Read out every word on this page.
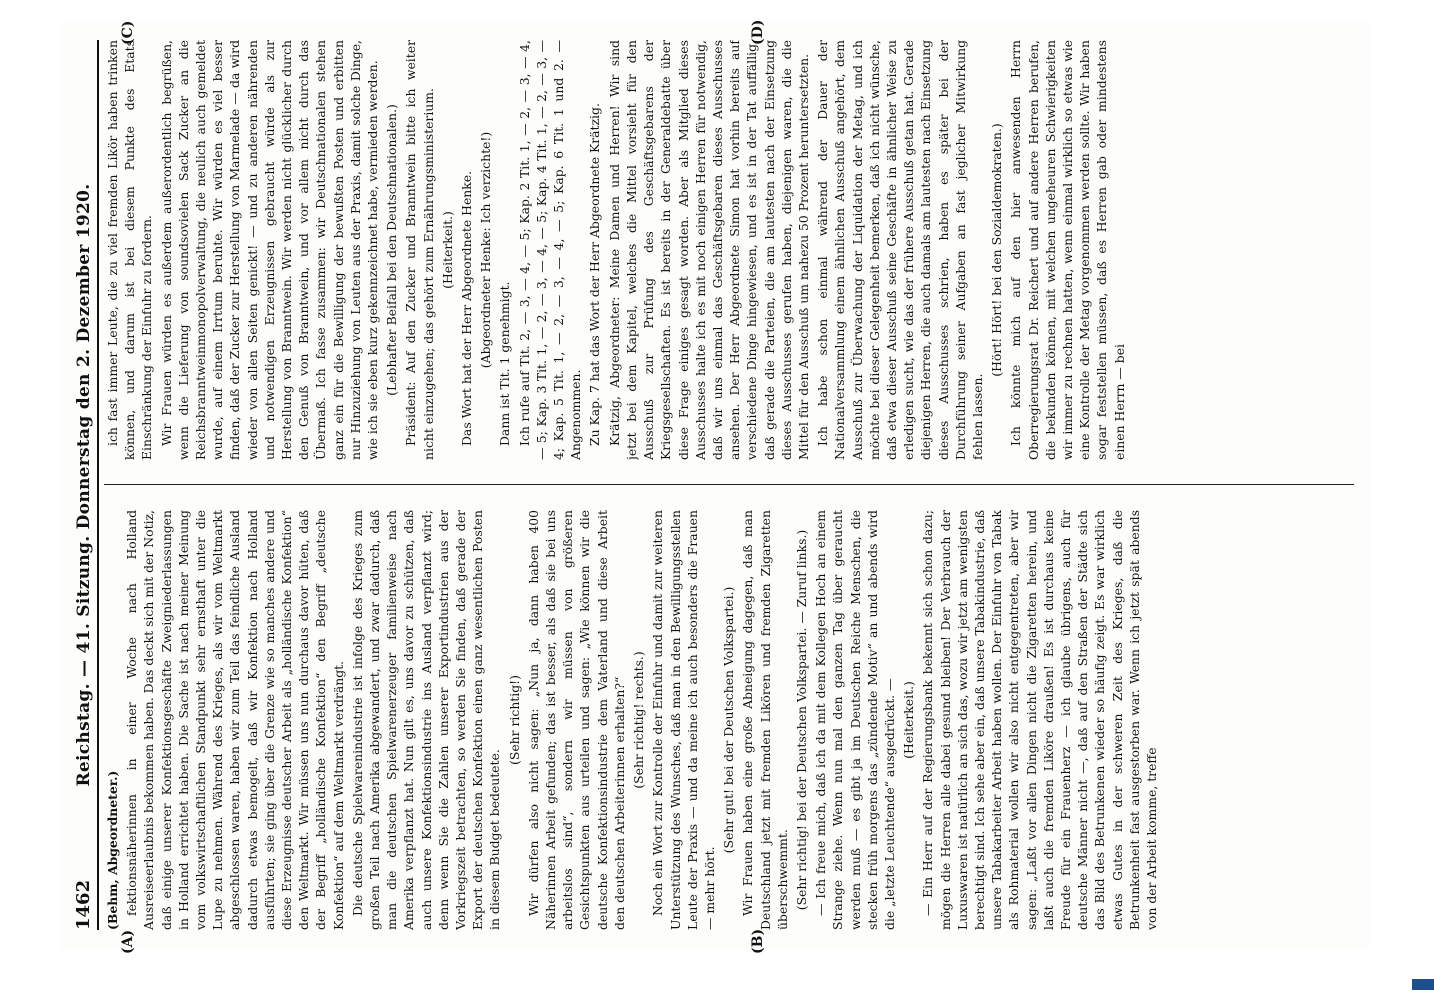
1462
Reichstag. — 41. Sitzung. Donnerstag den 2. Dezember 1920.
(A)	(B)
(C)	(D)

(Behm, Abgeordneter.) fektionsnäherinnen in einer Woche nach Holland Ausreiseerlaubnis bekommen haben. Das deckt sich mit der Notiz, daß einige unserer Konfektionsgeschäfte Zweigniederlassungen in Holland errichtet haben. Die Sache ist nach meiner Meinung vom volkswirtschaftlichen Standpunkt sehr ernsthaft unter die Lupe zu nehmen. Während des Krieges, als wir vom Weltmarkt abgeschlossen waren, haben wir zum Teil das feindliche Ausland dadurch etwas bemogelt, daß wir Konfektion nach Holland ausführten; sie ging über die Grenze wie so manches andere und diese Erzeugnisse deutscher Arbeit als „holländische Konfektion“ den Weltmarkt. Wir müssen uns nun durchaus davor hüten, daß der Begriff „holländische Konfektion“ den Begriff „deutsche Konfektion“ auf dem Weltmarkt verdrängt. Die deutsche Spielwarenindustrie ist infolge des Krieges zum großen Teil nach Amerika abgewandert, und zwar dadurch, daß man die deutschen Spielwarenerzeuger familienweise nach Amerika verpflanzt hat. Nun gilt es, uns davor zu schützen, daß auch unsere Konfektionsindustrie ins Ausland verpflanzt wird; denn wenn Sie die Zahlen unserer Exportindustrien aus der Vorkriegszeit betrachten, so werden Sie finden, daß gerade der Export der deutschen Konfektion einen ganz wesentlichen Posten in diesem Budget bedeutete.

(Sehr richtig!) Wir dürfen also nicht sagen: „Nun ja, dann haben 400 Näherinnen Arbeit gefunden; das ist besser, als daß sie bei uns arbeitslos sind“, sondern wir müssen von größeren Gesichtspunkten aus urteilen und sagen: „Wie können wir die deutsche Konfektionsindustrie dem Vaterland und diese Arbeit den deutschen Arbeiterinnen erhalten?“ (Sehr richtig! rechts.) Noch ein Wort zur Kontrolle der Einfuhr und damit zur weiteren Unterstützung des Wunsches, daß man in den Bewilligungsstellen Leute der Praxis — und da meine ich auch besonders die Frauen — mehr hört.

(Sehr gut! bei der Deutschen Volkspartei.) Wir Frauen haben eine große Abneigung dagegen, daß man Deutschland jetzt mit fremden Likören und fremden Zigaretten überschwemmt. (Sehr richtig! bei der Deutschen Volkspartei. — Zuruf links.) — Ich freue mich, daß ich da mit dem Kollegen Hoch an einem Strange ziehe. Wenn nun mal den ganzen Tag über geraucht werden muß — es gibt ja im Deutschen Reiche Menschen, die stecken früh morgens das „zündende Motiv“ an und abends wird die „letzte Leuchtende“ ausgedrückt. — (Heiterkeit.) — Ein Herr auf der Regierungsbank bekennt sich schon dazu; mögen die Herren alle dabei gesund bleiben! Der Verbrauch der Luxuswaren ist natürlich an sich das, wozu wir jetzt am wenigsten berechtigt sind. Ich sehe aber ein, daß unsere Tabakindustrie, daß unsere Tabakarbeiter Arbeit haben wollen. Der Einfuhr von Tabak als Rohmaterial wollen wir also nicht entgegentreten, aber wir sagen: „Laßt vor allen Dingen nicht die Zigaretten herein, und laßt auch die fremden Liköre draußen! Es ist durchaus keine Freude für ein Frauenherz — ich glaube übrigens, auch für deutsche Männer nicht —, daß auf den Straßen der Städte sich das Bild des Betrunkenen wieder so häufig zeigt. Es war wirklich etwas Gutes in der schweren Zeit des Krieges, daß die Betrunkenheit fast ausgestorben war. Wenn ich jetzt spät abends von der Arbeit komme, treffe

ich fast immer Leute, die zu viel fremden Likör haben trinken können, und darum ist bei diesem Punkte des Etats Einschränkung der Einfuhr zu fordern. Wir Frauen würden es außerdem außerordentlich begrüßen, wenn die Lieferung von soundsovielen Sack Zucker an die Reichsbranntweinmonopolverwaltung, die neulich auch gemeldet wurde, auf einem Irrtum beruhte. Wir würden es viel besser finden, daß der Zucker zur Herstellung von Marmelade — da wird wieder von allen Seiten genickt! — und zu anderen nährenden und notwendigen Erzeugnissen gebraucht würde als zur Herstellung von Branntwein. Wir werden nicht glücklicher durch den Genuß von Branntwein, und vor allem nicht durch das Übermaß. Ich fasse zusammen: wir Deutschnationalen stehen ganz ein für die Bewilligung der bewußten Posten und erbitten nur Hinzuziehung von Leuten aus der Praxis, damit solche Dinge, wie ich sie eben kurz gekennzeichnet habe, vermieden werden. (Lebhafter Beifall bei den Deutschnationalen.) Präsident: Auf den Zucker und Branntwein bitte ich weiter nicht einzugehen; das gehört zum Ernährungsministerium. (Heiterkeit.) Das Wort hat der Herr Abgeordnete Henke. (Abgeordneter Henke: Ich verzichte!) Dann ist Tit. 1 genehmigt. Ich rufe auf Tit. 2, — 3, — 4, — 5; Kap. 2 Tit. 1, — 2, — 3, — 4, — 5; Kap. 3 Tit. 1, — 2, — 3, — 4, — 5; Kap. 4 Tit. 1, — 2, — 3, — 4; Kap. 5 Tit. 1, — 2, — 3, — 4, — 5; Kap. 6 Tit. 1 und 2. — Angenommen. Zu Kap. 7 hat das Wort der Herr Abgeordnete Krätzig. Krätzig, Abgeordneter: Meine Damen und Herren! Wir sind jetzt bei dem Kapitel, welches die Mittel vorsieht für den Ausschuß zur Prüfung des Geschäftsgebarens der Kriegsgesellschaften. Es ist bereits in der Generaldebatte über diese Frage einiges gesagt worden. Aber als Mitglied dieses Ausschusses halte ich es mit noch einigen Herren für notwendig, daß wir uns einmal das Geschäftsgebaren dieses Ausschusses ansehen. Der Herr Abgeordnete Simon hat vorhin bereits auf verschiedene Dinge hingewiesen, und es ist in der Tat auffällig, daß gerade die Parteien, die am lautesten nach der Einsetzung dieses Ausschusses gerufen haben, diejenigen waren, die die Mittel für den Ausschuß um nahezu 50 Prozent heruntersetzten. Ich habe schon einmal während der Dauer der Nationalversammlung einem ähnlichen Ausschuß angehört, dem Ausschuß zur Überwachung der Liquidation der Metag, und ich möchte bei dieser Gelegenheit bemerken, daß ich nicht wünsche, daß etwa dieser Ausschuß seine Geschäfte in ähnlicher Weise zu erledigen sucht, wie das der frühere Ausschuß getan hat. Gerade diejenigen Herren, die auch damals am lautesten nach Einsetzung dieses Ausschusses schrien, haben es später bei der Durchführung seiner Aufgaben an fast jeglicher Mitwirkung fehlen lassen.

(Hört! Hört! bei den Sozialdemokraten.) Ich könnte mich auf den hier anwesenden Herrn Oberregierungsrat Dr. Reichert und auf andere Herren berufen, die bekunden können, mit welchen ungeheuren Schwierigkeiten wir immer zu rechnen hatten, wenn einmal wirklich so etwas wie eine Kontrolle der Metag vorgenommen werden sollte. Wir haben sogar feststellen müssen, daß es Herren gab oder mindestens einen Herrn — bei
